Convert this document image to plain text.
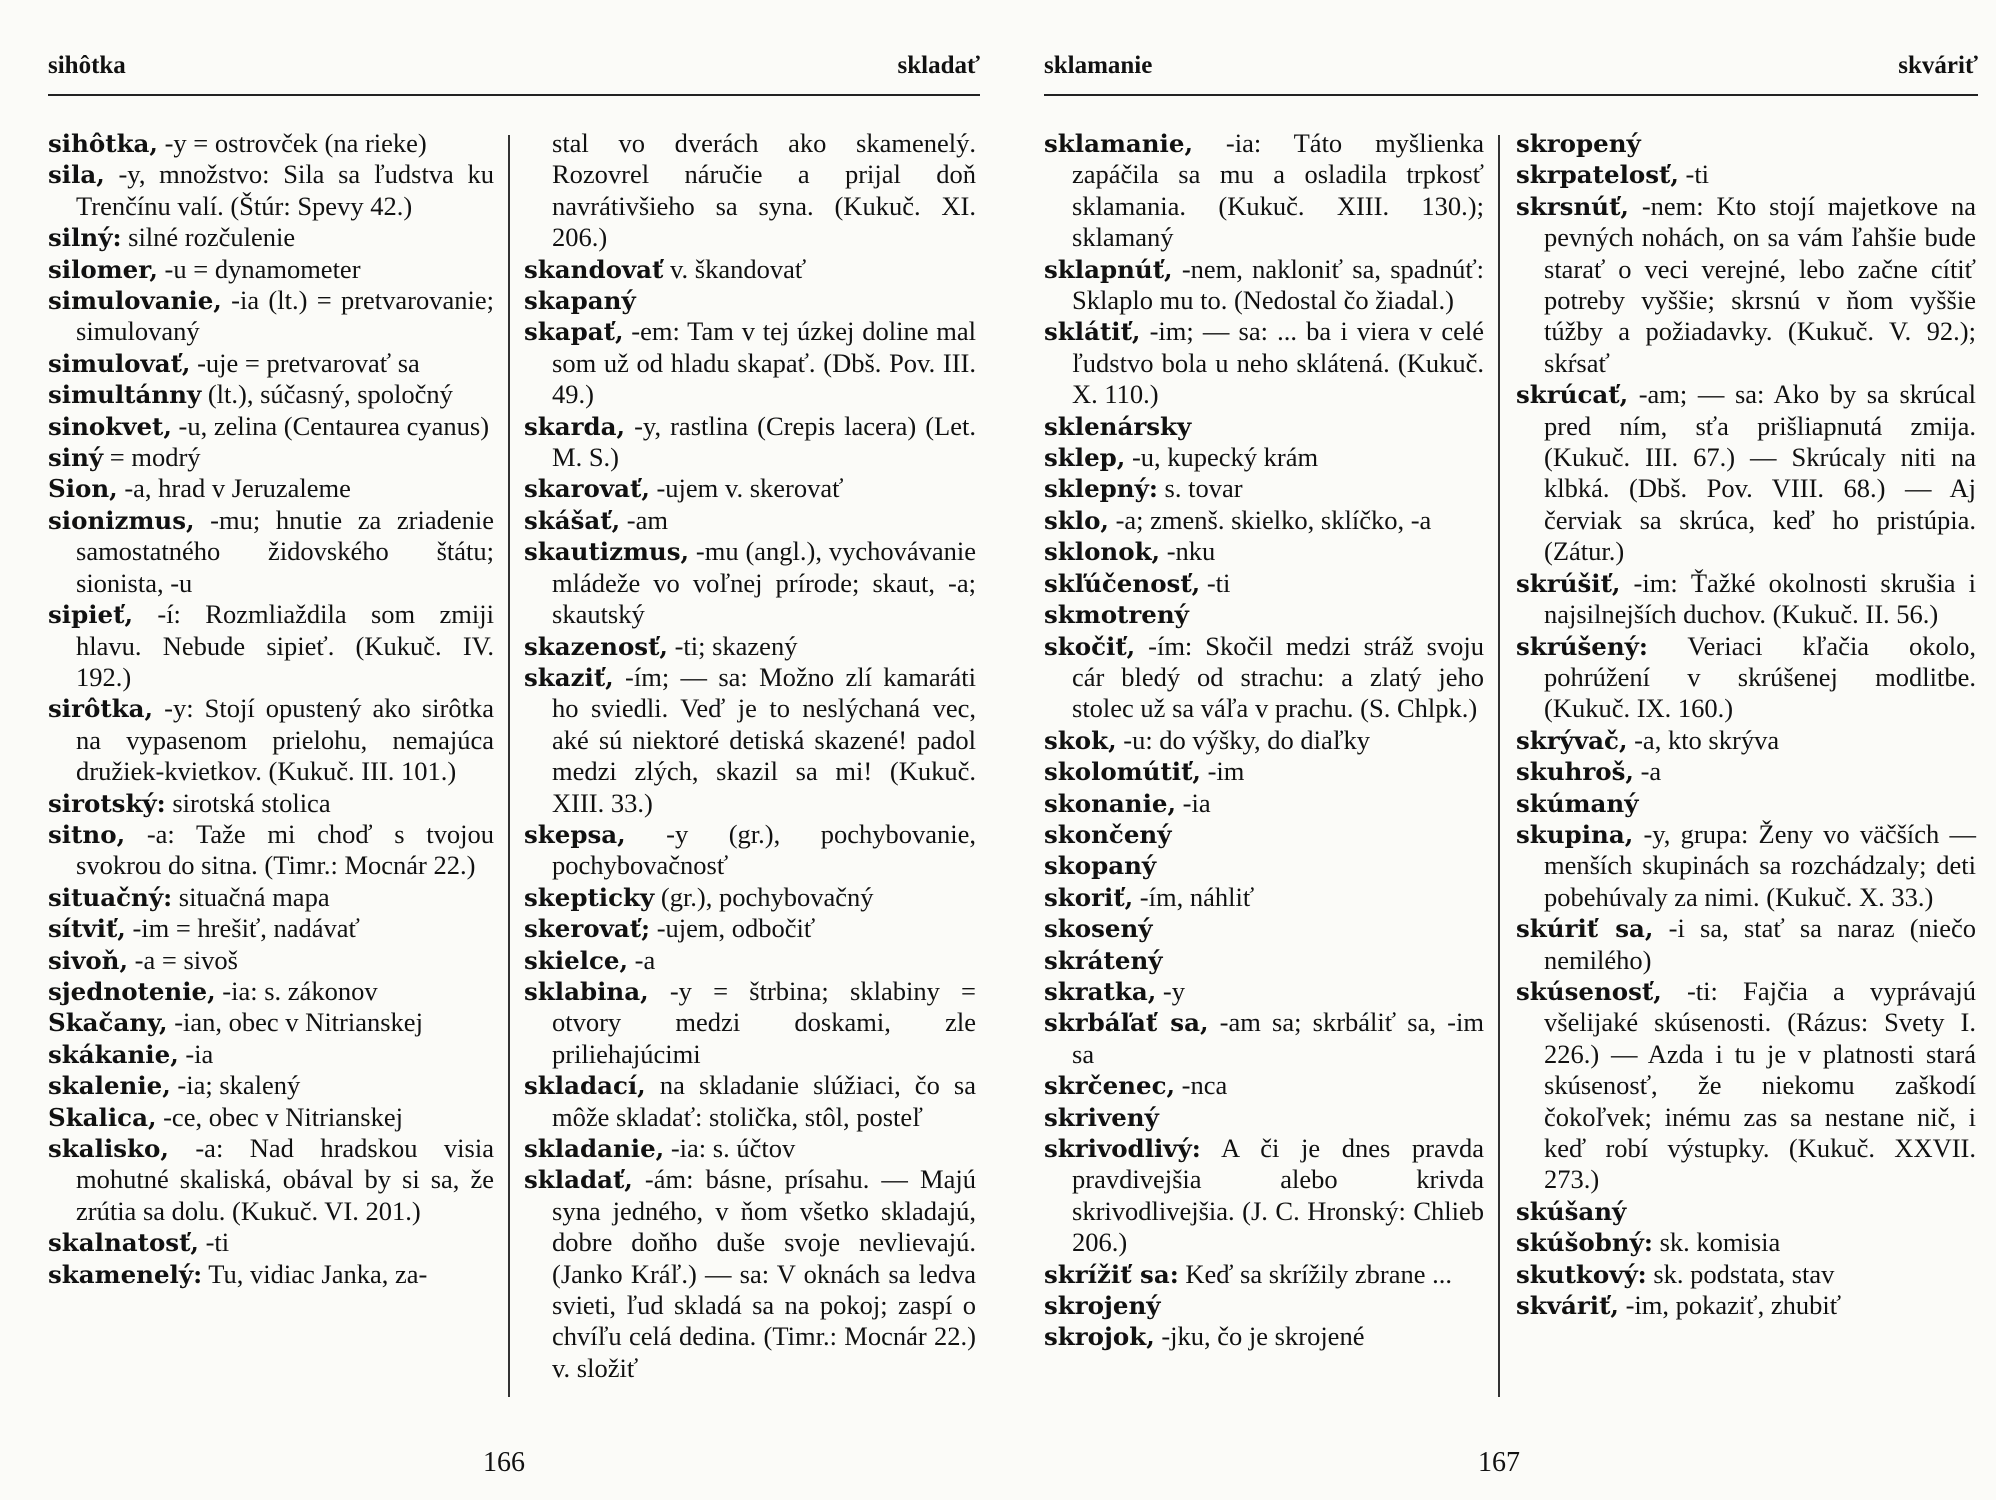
sihôtka	skladať

sihôtka, -y = ostrovček (na rieke)

sila, -y, množstvo: Sila sa ľudstva ku Trenčínu valí. (Štúr: Spevy 42.)

silný: silné rozčulenie

silomer, -u = dynamometer

simulovanie, -ia (lt.) = pretvarovanie; simulovaný

simulovať, -uje = pretvarovať sa

simultánny (lt.), súčasný, spoločný

sinokvet, -u, zelina (Centaurea cyanus)

siný = modrý

Sion, -a, hrad v Jeruzaleme

sionizmus, -mu; hnutie za zriadenie samostatného židovského štátu; sionista, -u

sipieť, -í: Rozmliaždila som zmiji hlavu. Nebude sipieť. (Kukuč. IV. 192.)

sirôtka, -y: Stojí opustený ako sirôtka na vypasenom prielohu, nemajúca družiek-kvietkov. (Kukuč. III. 101.)

sirotský: sirotská stolica

sitno, -a: Taže mi choď s tvojou svokrou do sitna. (Timr.: Mocnár 22.)

situačný: situačná mapa

sítviť, -im = hrešiť, nadávať

sivoň, -a = sivoš

sjednotenie, -ia: s. zákonov

Skačany, -ian, obec v Nitrianskej

skákanie, -ia

skalenie, -ia; skalený

Skalica, -ce, obec v Nitrianskej

skalisko, -a: Nad hradskou visia mohutné skaliská, obával by si sa, že zrútia sa dolu. (Kukuč. VI. 201.)

skalnatosť, -ti

skamenelý: Tu, vidiac Janka, za-

stal vo dverách ako skamenelý. Rozovrel náručie a prijal doň navrátivšieho sa syna. (Kukuč. XI. 206.)

skandovať v. škandovať

skapaný

skapať, -em: Tam v tej úzkej doline mal som už od hladu skapať. (Dbš. Pov. III. 49.)

skarda, -y, rastlina (Crepis lacera) (Let. M. S.)

skarovať, -ujem v. skerovať

skášať, -am

skautizmus, -mu (angl.), vychovávanie mládeže vo voľnej prírode; skaut, -a; skautský

skazenosť, -ti; skazený

skaziť, -ím; — sa: Možno zlí kamaráti ho sviedli. Veď je to neslýchaná vec, aké sú niektoré detiská skazené! padol medzi zlých, skazil sa mi! (Kukuč. XIII. 33.)

skepsa, -y (gr.), pochybovanie, pochybovačnosť

skepticky (gr.), pochybovačný

skerovať; -ujem, odbočiť

skielce, -a

sklabina, -y = štrbina; sklabiny = otvory medzi doskami, zle priliehajúcimi

skladací, na skladanie slúžiaci, čo sa môže skladať: stolička, stôl, posteľ

skladanie, -ia: s. účtov

skladať, -ám: básne, prísahu. — Majú syna jedného, v ňom všetko skladajú, dobre doňho duše svoje nevlievajú. (Janko Kráľ.) — sa: V oknách sa ledva svieti, ľud skladá sa na pokoj; zaspí o chvíľu celá dedina. (Timr.: Mocnár 22.) v. složiť

166
sklamanie	skváriť

sklamanie, -ia: Táto myšlienka zapáčila sa mu a osladila trpkosť sklamania. (Kukuč. XIII. 130.); sklamaný

sklapnúť, -nem, nakloniť sa, spadnúť: Sklaplo mu to. (Nedostal čo žiadal.)

sklátiť, -im; — sa: ... ba i viera v celé ľudstvo bola u neho sklátená. (Kukuč. X. 110.)

sklenársky

sklep, -u, kupecký krám

sklepný: s. tovar

sklo, -a; zmenš. skielko, sklíčko, -a

sklonok, -nku

skľúčenosť, -ti

skmotrený

skočiť, -ím: Skočil medzi stráž svoju cár bledý od strachu: a zlatý jeho stolec už sa váľa v prachu. (S. Chlpk.)

skok, -u: do výšky, do diaľky

skolomútiť, -im

skonanie, -ia

skončený

skopaný

skoriť, -ím, náhliť

skosený

skrátený

skratka, -y

skrbáľať sa, -am sa; skrbáliť sa, -im sa

skrčenec, -nca

skrivený

skrivodlivý: A či je dnes pravda pravdivejšia alebo krivda skrivodlivejšia. (J. C. Hronský: Chlieb 206.)

skrížiť sa: Keď sa skrížily zbrane ...

skrojený

skrojok, -jku, čo je skrojené

skropený

skrpatelosť, -ti

skrsnúť, -nem: Kto stojí majetkove na pevných nohách, on sa vám ľahšie bude starať o veci verejné, lebo začne cítiť potreby vyššie; skrsnú v ňom vyššie túžby a požiadavky. (Kukuč. V. 92.); skŕsať

skrúcať, -am; — sa: Ako by sa skrúcal pred ním, sťa prišliapnutá zmija. (Kukuč. III. 67.) — Skrúcaly niti na klbká. (Dbš. Pov. VIII. 68.) — Aj červiak sa skrúca, keď ho pristúpia. (Zátur.)

skrúšiť, -im: Ťažké okolnosti skrušia i najsilnejších duchov. (Kukuč. II. 56.)

skrúšený: Veriaci kľačia okolo, pohrúžení v skrúšenej modlitbe. (Kukuč. IX. 160.)

skrývač, -a, kto skrýva

skuhroš, -a

skúmaný

skupina, -y, grupa: Ženy vo väčších — menších skupinách sa rozchádzaly; deti pobehúvaly za nimi. (Kukuč. X. 33.)

skúriť sa, -i sa, stať sa naraz (niečo nemilého)

skúsenosť, -ti: Fajčia a vyprávajú všelijaké skúsenosti. (Rázus: Svety I. 226.) — Azda i tu je v platnosti stará skúsenosť, že niekomu zaškodí čokoľvek; inému zas sa nestane nič, i keď robí výstupky. (Kukuč. XXVII. 273.)

skúšaný

skúšobný: sk. komisia

skutkový: sk. podstata, stav

skváriť, -im, pokaziť, zhubiť

167
